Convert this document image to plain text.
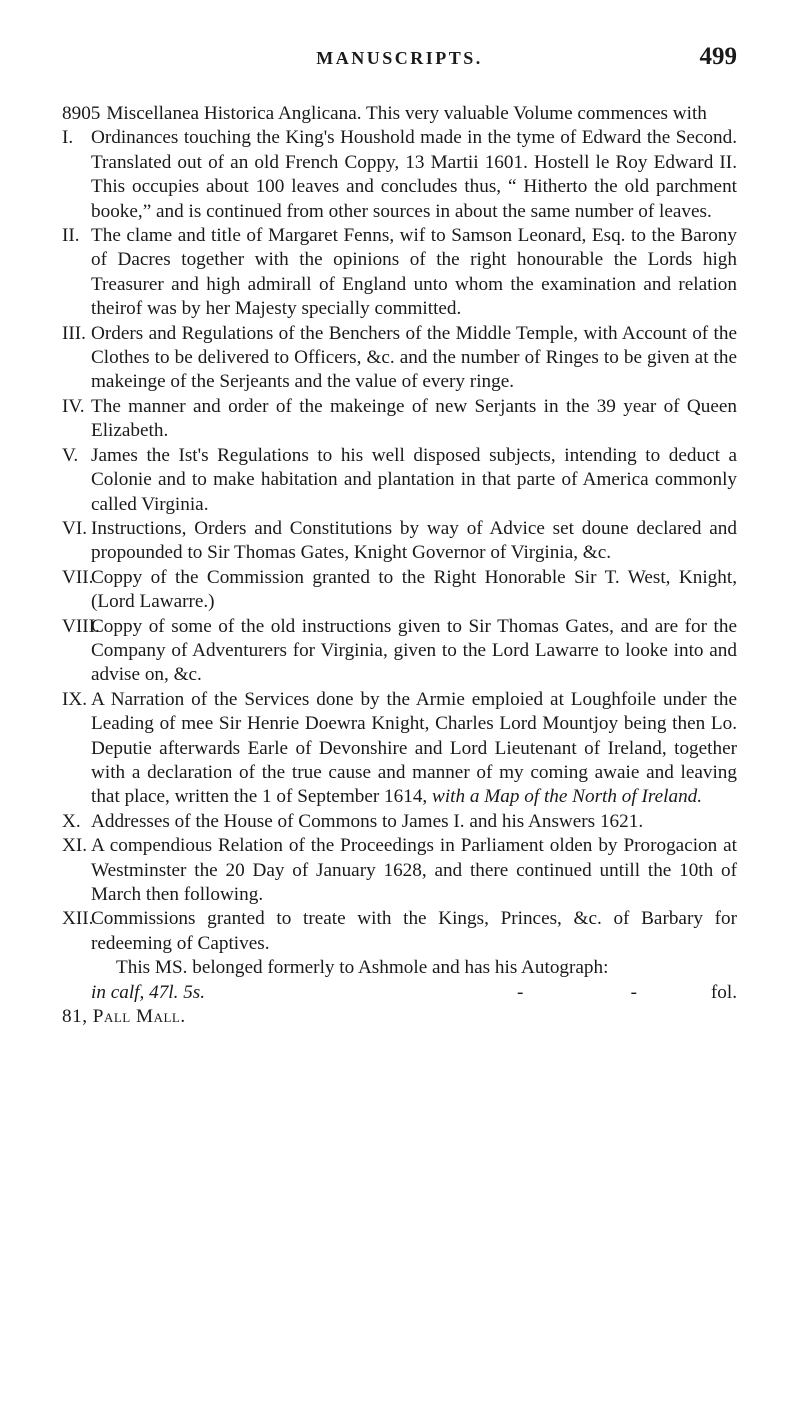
MANUSCRIPTS.	499

8905 Miscellanea Historica Anglicana. This very valuable Volume commences with

I. Ordinances touching the King's Houshold made in the tyme of Edward the Second. Translated out of an old French Coppy, 13 Martii 1601. Hostell le Roy Edward II. This occupies about 100 leaves and concludes thus, “ Hitherto the old parchment booke,” and is continued from other sources in about the same number of leaves.

II. The clame and title of Margaret Fenns, wif to Samson Leonard, Esq. to the Barony of Dacres together with the opinions of the right honourable the Lords high Treasurer and high admirall of England unto whom the examination and relation theirof was by her Majesty specially committed.

III. Orders and Regulations of the Benchers of the Middle Temple, with Account of the Clothes to be delivered to Officers, &c. and the number of Ringes to be given at the makeinge of the Serjeants and the value of every ringe.

IV. The manner and order of the makeinge of new Serjants in the 39 year of Queen Elizabeth.

V. James the Ist's Regulations to his well disposed subjects, intending to deduct a Colonie and to make habitation and plantation in that parte of America commonly called Virginia.

VI. Instructions, Orders and Constitutions by way of Advice set doune declared and propounded to Sir Thomas Gates, Knight Governor of Virginia, &c.

VII.
Coppy of the Commission granted to the Right Honorable Sir T. West, Knight, (Lord Lawarre.)

VIII.
Coppy of some of the old instructions given to Sir Thomas Gates, and are for the Company of Adventurers for Virginia, given to the Lord Lawarre to looke into and advise on, &c.

IX. A Narration of the Services done by the Armie emploied at Loughfoile under the Leading of mee Sir Henrie Doewra Knight, Charles Lord Mountjoy being then Lo. Deputie afterwards Earle of Devonshire and Lord Lieutenant of Ireland, together with a declaration of the true cause and manner of my coming awaie and leaving that place, written the 1 of September 1614, with a Map of the North of Ireland.

X. Addresses of the House of Commons to James I. and his Answers 1621.

XI. A compendious Relation of the Proceedings in Parliament olden by Prorogacion at Westminster the 20 Day of January 1628, and there continued untill the 10th of March then following.

XII.
Commissions granted to treate with the Kings, Princes, &c. of Barbary for redeeming of Captives.

This MS. belonged formerly to Ashmole and has his Autograph:

in calf, 47l. 5s.	-	-	fol.

81, Pall Mall.
